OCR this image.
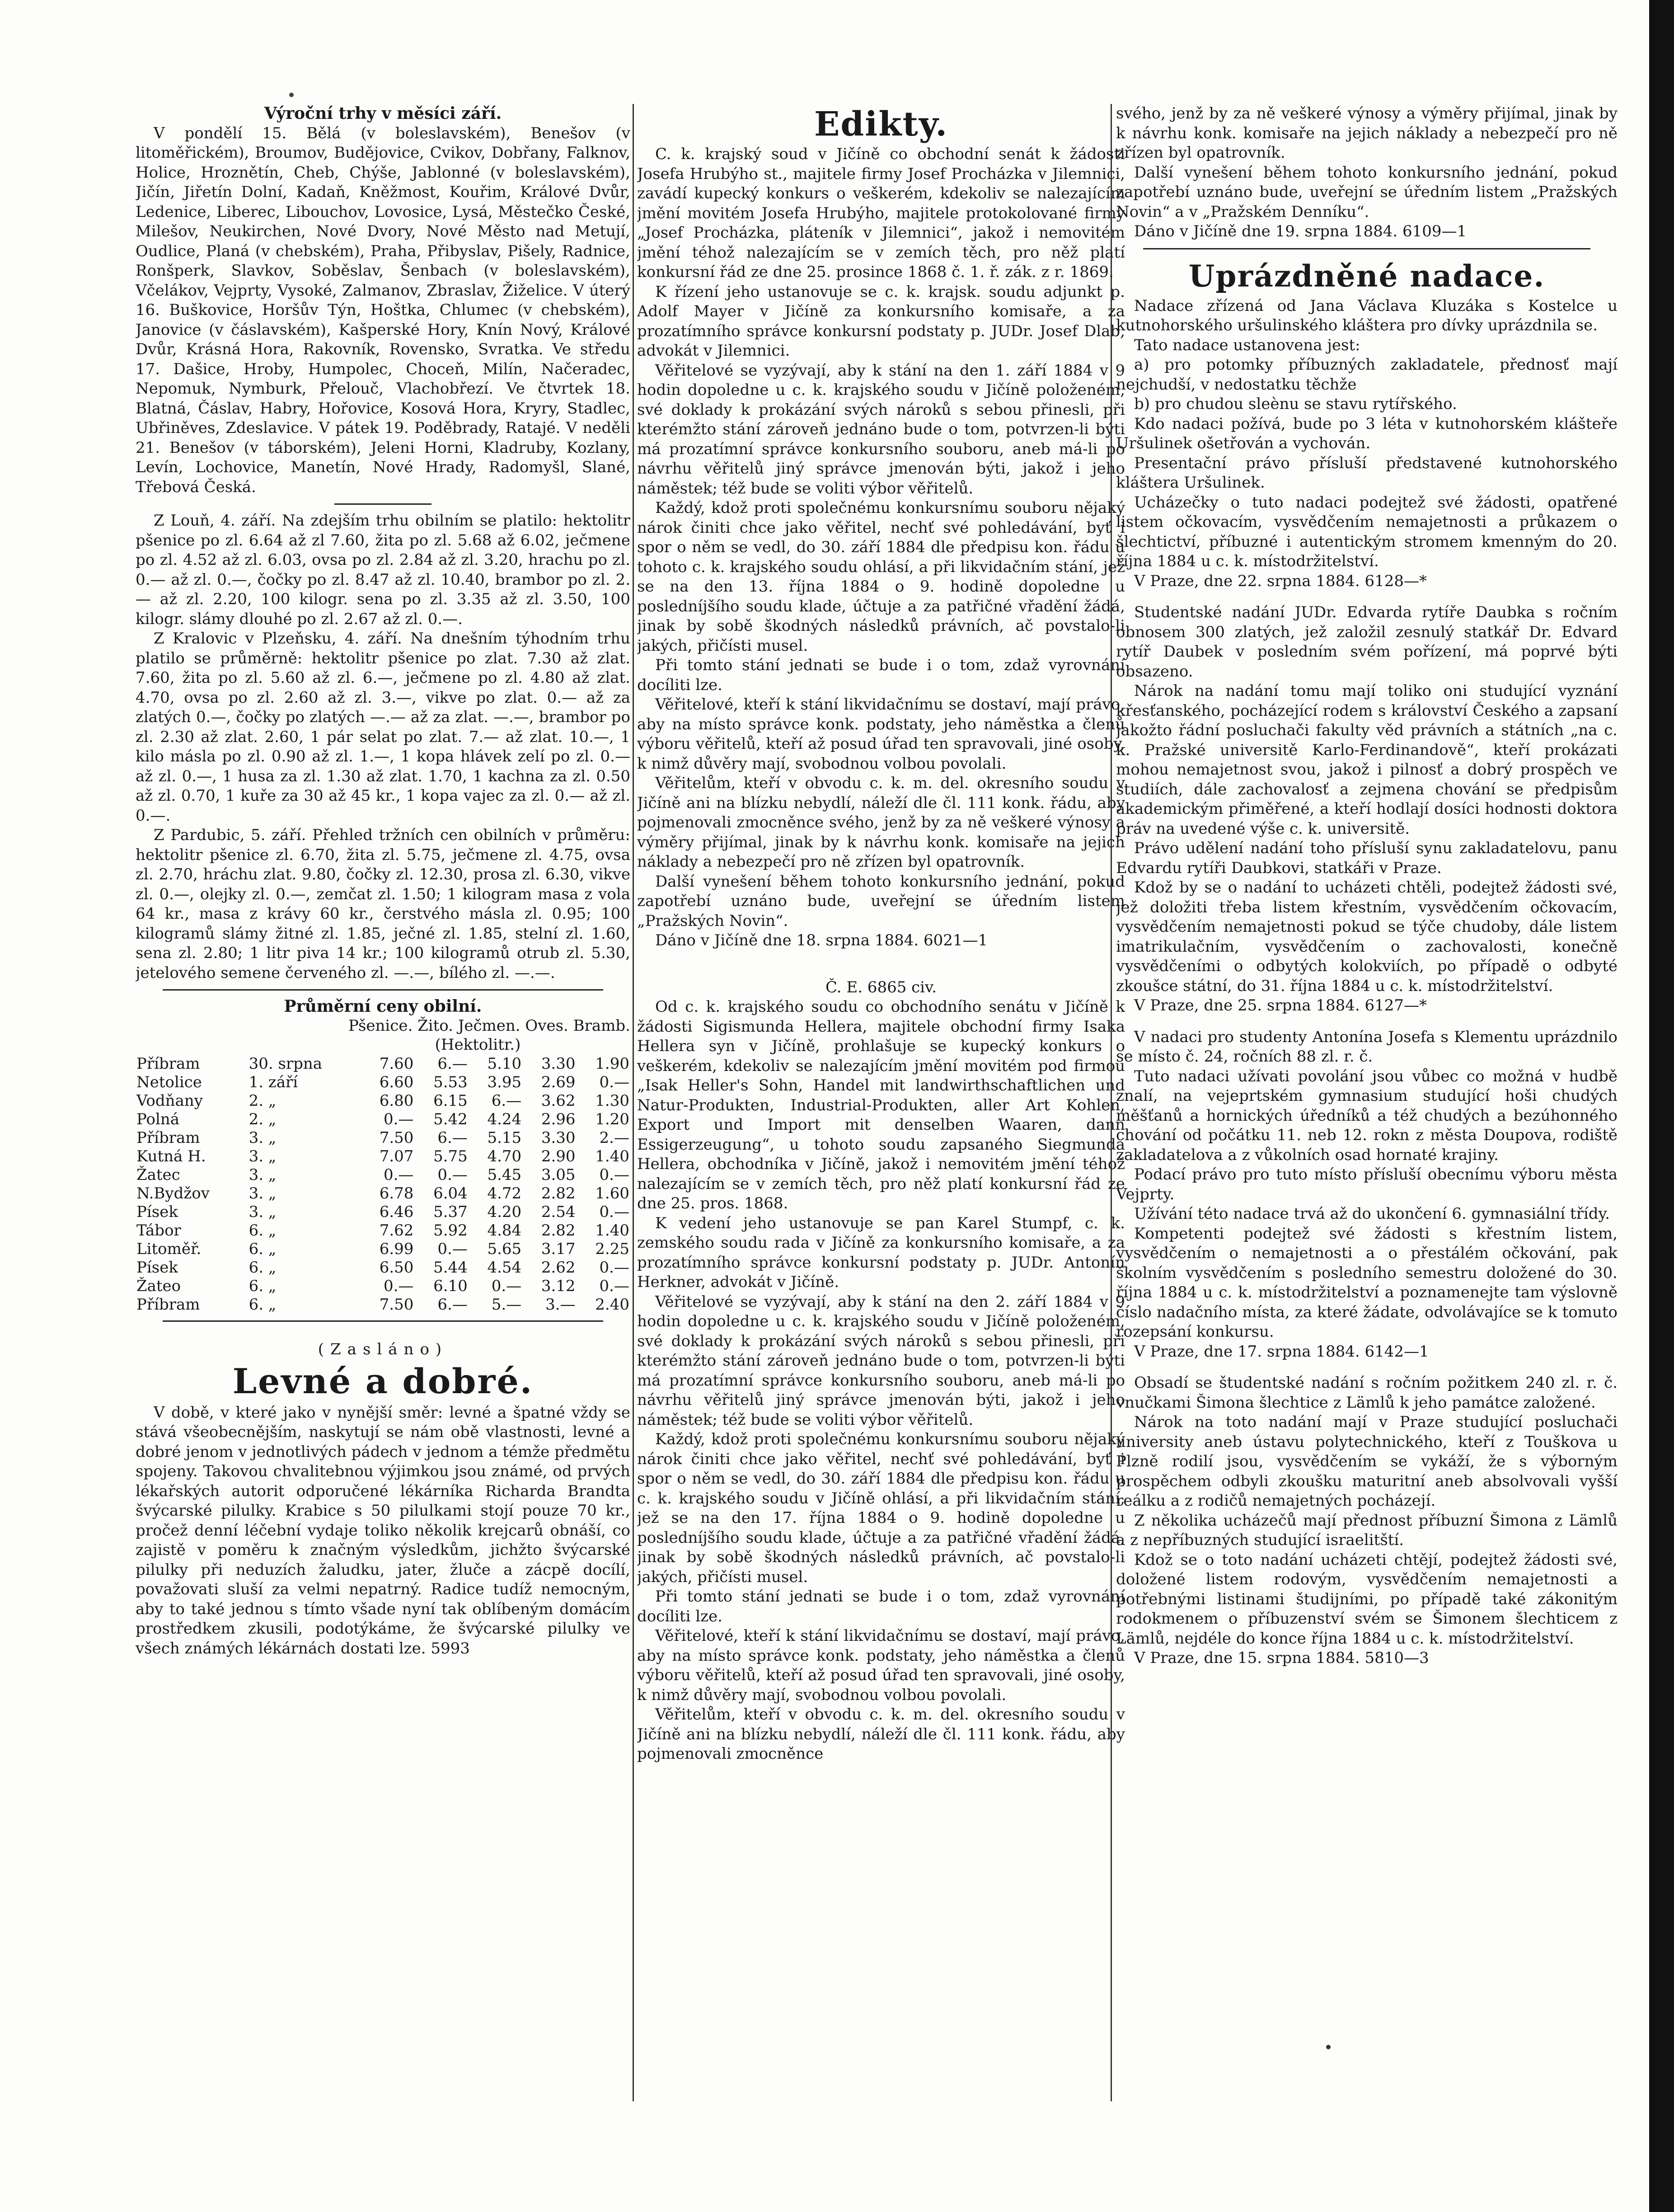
Výroční trhy v měsíci září.

V pondělí 15. Bělá (v boleslavském), Benešov (v litoměřickém), Broumov, Budějovice, Cvikov, Dobřany, Falknov, Holice, Hroznětín, Cheb, Chýše, Jablonné (v boleslavském), Jičín, Jiřetín Dolní, Kadaň, Kněžmost, Kouřim, Králové Dvůr, Ledenice, Liberec, Libouchov, Lovosice, Lysá, Městečko České, Milešov, Neukirchen, Nové Dvory, Nové Město nad Metují, Oudlice, Planá (v chebském), Praha, Přibyslav, Pišely, Radnice, Ronšperk, Slavkov, Soběslav, Šenbach (v boleslavském), Včelákov, Vejprty, Vysoké, Zalmanov, Zbraslav, Žiželice. V úterý 16. Buškovice, Horšův Týn, Hoštka, Chlumec (v chebském), Janovice (v čáslavském), Kašperské Hory, Knín Nový, Králové Dvůr, Krásná Hora, Rakovník, Rovensko, Svratka. Ve středu 17. Dašice, Hroby, Humpolec, Choceň, Milín, Načeradec, Nepomuk, Nymburk, Přelouč, Vlachobřezí. Ve čtvrtek 18. Blatná, Čáslav, Habry, Hořovice, Kosová Hora, Kryry, Stadlec, Ubřiněves, Zdeslavice. V pátek 19. Poděbrady, Ratajé. V neděli 21. Benešov (v táborském), Jeleni Horni, Kladruby, Kozlany, Levín, Lochovice, Manetín, Nové Hrady, Radomyšl, Slané, Třebová Česká.

Z Louň, 4. září. Na zdejším trhu obilním se platilo: hektolitr pšenice po zl. 6.64 až zl 7.60, žita po zl. 5.68 až 6.02, ječmene po zl. 4.52 až zl. 6.03, ovsa po zl. 2.84 až zl. 3.20, hrachu po zl. 0.— až zl. 0.—, čočky po zl. 8.47 až zl. 10.40, brambor po zl. 2.— až zl. 2.20, 100 kilogr. sena po zl. 3.35 až zl. 3.50, 100 kilogr. slámy dlouhé po zl. 2.67 až zl. 0.—.

Z Kralovic v Plzeňsku, 4. září. Na dnešním týhodním trhu platilo se průměrně: hektolitr pšenice po zlat. 7.30 až zlat. 7.60, žita po zl. 5.60 až zl. 6.—, ječmene po zl. 4.80 až zlat. 4.70, ovsa po zl. 2.60 až zl. 3.—, vikve po zlat. 0.— až za zlatých 0.—, čočky po zlatých —.— až za zlat. —.—, brambor po zl. 2.30 až zlat. 2.60, 1 pár selat po zlat. 7.— až zlat. 10.—, 1 kilo másla po zl. 0.90 až zl. 1.—, 1 kopa hlávek zelí po zl. 0.— až zl. 0.—, 1 husa za zl. 1.30 až zlat. 1.70, 1 kachna za zl. 0.50 až zl. 0.70, 1 kuře za 30 až 45 kr., 1 kopa vajec za zl. 0.— až zl. 0.—.

Z Pardubic, 5. září. Přehled tržních cen obilních v průměru: hektolitr pšenice zl. 6.70, žita zl. 5.75, ječmene zl. 4.75, ovsa zl. 2.70, hráchu zlat. 9.80, čočky zl. 12.30, prosa zl. 6.30, vikve zl. 0.—, olejky zl. 0.—, zemčat zl. 1.50; 1 kilogram masa z vola 64 kr., masa z krávy 60 kr., čerstvého másla zl. 0.95; 100 kilogramů slámy žitné zl. 1.85, ječné zl. 1.85, stelní zl. 1.60, sena zl. 2.80; 1 litr piva 14 kr.; 100 kilogramů otrub zl. 5.30, jetelového semene červeného zl. —.—, bílého zl. —.—.

Průměrní ceny obilní.

Pšenice. Žito. Ječmen. Oves. Bramb.

(Hektolitr.)

Příbram	30. srpna	7.60	6.—	5.10	3.30	1.90
Netolice	1. září	6.60	5.53	3.95	2.69	0.—
Vodňany	2. „	6.80	6.15	6.—	3.62	1.30
Polná	2. „	0.—	5.42	4.24	2.96	1.20
Příbram	3. „	7.50	6.—	5.15	3.30	2.—
Kutná H.	3. „	7.07	5.75	4.70	2.90	1.40
Žatec	3. „	0.—	0.—	5.45	3.05	0.—
N.Bydžov	3. „	6.78	6.04	4.72	2.82	1.60
Písek	3. „	6.46	5.37	4.20	2.54	0.—
Tábor	6. „	7.62	5.92	4.84	2.82	1.40
Litoměř.	6. „	6.99	0.—	5.65	3.17	2.25
Písek	6. „	6.50	5.44	4.54	2.62	0.—
Žateo	6. „	0.—	6.10	0.—	3.12	0.—
Příbram	6. „	7.50	6.—	5.—	3.—	2.40

(Zasláno)

Levné a dobré.

V době, v které jako v nynější směr: levné a špatné vždy se stává všeobecnějším, naskytují se nám obě vlastnosti, levné a dobré jenom v jednotlivých pádech v jednom a témže předmětu spojeny. Takovou chvalitebnou výjimkou jsou známé, od prvých lékařských autorit odporučené lékárníka Richarda Brandta švýcarské pilulky. Krabice s 50 pilulkami stojí pouze 70 kr., pročež denní léčební vydaje toliko několik krejcarů obnáší, co zajistě v poměru k značným výsledkům, jichžto švýcarské pilulky při neduzích žaludku, jater, žluče a zácpě docílí, považovati sluší za velmi nepatrný. Radice tudíž nemocným, aby to také jednou s tímto všade nyní tak oblíbeným domácím prostředkem zkusili, podotýkáme, že švýcarské pilulky ve všech známých lékárnách dostati lze. 5993

Edikty.

C. k. krajský soud v Jičíně co obchodní senát k žádosti Josefa Hrubýho st., majitele firmy Josef Procházka v Jilemnici, zavádí kupecký konkurs o veškerém, kdekoliv se nalezajícím jmění movitém Josefa Hrubýho, majitele protokolované firmy „Josef Procházka, pláteník v Jilemnici“, jakož i nemovitém jmění téhož nalezajícím se v zemích těch, pro něž platí konkursní řád ze dne 25. prosince 1868 č. 1. ř. zák. z r. 1869.

K řízení jeho ustanovuje se c. k. krajsk. soudu adjunkt p. Adolf Mayer v Jičíně za konkursního komisaře, a za prozatímního správce konkursní podstaty p. JUDr. Josef Dlab, advokát v Jilemnici.

Věřitelové se vyzývají, aby k stání na den 1. září 1884 v 9 hodin dopoledne u c. k. krajského soudu v Jičíně položeném, své doklady k prokázání svých nároků s sebou přinesli, při kterémžto stání zároveň jednáno bude o tom, potvrzen-li býti má prozatímní správce konkursního souboru, aneb má-li po návrhu věřitelů jiný správce jmenován býti, jakož i jeho náměstek; též bude se voliti výbor věřitelů.

Každý, kdož proti společnému konkursnímu souboru nějaký nárok činiti chce jako věřitel, nechť své pohledávání, byť i spor o něm se vedl, do 30. září 1884 dle předpisu kon. řádu u tohoto c. k. krajského soudu ohlásí, a při likvidačním stání, jež se na den 13. října 1884 o 9. hodině dopoledne u posledníjšího soudu klade, účtuje a za patřičné vřadění žádá, jinak by sobě škodných následků právních, ač povstalo-li jakých, přičísti musel.

Při tomto stání jednati se bude i o tom, zdaž vyrovnání docíliti lze.

Věřitelové, kteří k stání likvidačnímu se dostaví, mají právo, aby na místo správce konk. podstaty, jeho náměstka a členů výboru věřitelů, kteří až posud úřad ten spravovali, jiné osoby, k nimž důvěry mají, svobodnou volbou povolali.

Věřitelům, kteří v obvodu c. k. m. del. okresního soudu v Jičíně ani na blízku nebydlí, náleží dle čl. 111 konk. řádu, aby pojmenovali zmocněnce svého, jenž by za ně veškeré výnosy a výměry přijímal, jinak by k návrhu konk. komisaře na jejich náklady a nebezpečí pro ně zřízen byl opatrovník.

Další vynešení během tohoto konkursního jednání, pokud zapotřebí uznáno bude, uveřejní se úředním listem „Pražských Novin“.

Dáno v Jičíně dne 18. srpna 1884. 6021—1

Č. E. 6865 civ.

Od c. k. krajského soudu co obchodního senátu v Jičíně k žádosti Sigismunda Hellera, majitele obchodní firmy Isaka Hellera syn v Jičíně, prohlašuje se kupecký konkurs o veškerém, kdekoliv se nalezajícím jmění movitém pod firmou „Isak Heller's Sohn, Handel mit landwirthschaftlichen und Natur-Produkten, Industrial-Produkten, aller Art Kohlen, Export und Import mit denselben Waaren, dann Essigerzeugung“, u tohoto soudu zapsaného Siegmunda Hellera, obchodníka v Jičíně, jakož i nemovitém jmění téhož nalezajícím se v zemích těch, pro něž platí konkursní řád ze dne 25. pros. 1868.

K vedení jeho ustanovuje se pan Karel Stumpf, c. k. zemského soudu rada v Jičíně za konkursního komisaře, a za prozatímního správce konkursní podstaty p. JUDr. Antonín Herkner, advokát v Jičíně.

Věřitelové se vyzývají, aby k stání na den 2. září 1884 v 9 hodin dopoledne u c. k. krajského soudu v Jičíně položeném, své doklady k prokázání svých nároků s sebou přinesli, při kterémžto stání zároveň jednáno bude o tom, potvrzen-li býti má prozatímní správce konkursního souboru, aneb má-li po návrhu věřitelů jiný správce jmenován býti, jakož i jeho náměstek; též bude se voliti výbor věřitelů.

Každý, kdož proti společnému konkursnímu souboru nějaký nárok činiti chce jako věřitel, nechť své pohledávání, byť i spor o něm se vedl, do 30. září 1884 dle předpisu kon. řádu u c. k. krajského soudu v Jičíně ohlásí, a při likvidačním stání, jež se na den 17. října 1884 o 9. hodině dopoledne u posledníjšího soudu klade, účtuje a za patřičné vřadění žádá, jinak by sobě škodných následků právních, ač povstalo-li jakých, přičísti musel.

Při tomto stání jednati se bude i o tom, zdaž vyrovnání docíliti lze.

Věřitelové, kteří k stání likvidačnímu se dostaví, mají právo, aby na místo správce konk. podstaty, jeho náměstka a členů výboru věřitelů, kteří až posud úřad ten spravovali, jiné osoby, k nimž důvěry mají, svobodnou volbou povolali.

Věřitelům, kteří v obvodu c. k. m. del. okresního soudu v Jičíně ani na blízku nebydlí, náleží dle čl. 111 konk. řádu, aby pojmenovali zmocněnce

svého, jenž by za ně veškeré výnosy a výměry přijímal, jinak by k návrhu konk. komisaře na jejich náklady a nebezpečí pro ně zřízen byl opatrovník.

Další vynešení během tohoto konkursního jednání, pokud zapotřebí uznáno bude, uveřejní se úředním listem „Pražských Novin“ a v „Pražském Denníku“.

Dáno v Jičíně dne 19. srpna 1884. 6109—1

Uprázdněné nadace.

Nadace zřízená od Jana Václava Kluzáka s Kostelce u kutnohorského uršulinského kláštera pro dívky uprázdnila se.

Tato nadace ustanovena jest:

a) pro potomky příbuzných zakladatele, přednosť mají nejchudší, v nedostatku těchže

b) pro chudou sleènu se stavu rytířského.

Kdo nadaci požívá, bude po 3 léta v kutnohorském klášteře Uršulinek ošetřován a vychován.

Presentační právo přísluší představené kutnohorského kláštera Uršulinek.

Ucházečky o tuto nadaci podejtež své žádosti, opatřené listem očkovacím, vysvědčením nemajetnosti a průkazem o šlechtictví, příbuzné i autentickým stromem kmenným do 20. října 1884 u c. k. místodržitelství.

V Praze, dne 22. srpna 1884. 6128—*

Studentské nadání JUDr. Edvarda rytíře Daubka s ročním obnosem 300 zlatých, jež založil zesnulý statkář Dr. Edvard rytíř Daubek v posledním svém pořízení, má poprvé býti obsazeno.

Nárok na nadání tomu mají toliko oni studující vyznání křesťanského, pocházející rodem s království Českého a zapsaní jakožto řádní posluchači fakulty věd právních a státních „na c. k. Pražské universitě Karlo-Ferdinandově“, kteří prokázati mohou nemajetnost svou, jakož i pilnosť a dobrý prospěch ve studiích, dále zachovalosť a zejmena chování se předpisům akademickým přiměřené, a kteří hodlají dosíci hodnosti doktora práv na uvedené výše c. k. universitě.

Právo udělení nadání toho přísluší synu zakladatelovu, panu Edvardu rytíři Daubkovi, statkáři v Praze.

Kdož by se o nadání to ucházeti chtěli, podejtež žádosti své, jež doložiti třeba listem křestním, vysvědčením očkovacím, vysvědčením nemajetnosti pokud se týče chudoby, dále listem imatrikulačním, vysvědčením o zachovalosti, konečně vysvědčeními o odbytých kolokviích, po případě o odbyté zkoušce státní, do 31. října 1884 u c. k. místodržitelství.

V Praze, dne 25. srpna 1884. 6127—*

V nadaci pro studenty Antonína Josefa s Klementu uprázdnilo se místo č. 24, ročních 88 zl. r. č.

Tuto nadaci užívati povolání jsou vůbec co možná v hudbě znalí, na vejeprtském gymnasium studující hoši chudých měšťanů a hornických úředníků a též chudých a bezúhonného chování od počátku 11. neb 12. rokn z města Doupova, rodiště zakladatelova a z vůkolních osad hornaté krajiny.

Podací právo pro tuto místo přísluší obecnímu výboru města Vejprty.

Užívání této nadace trvá až do ukončení 6. gymnasiální třídy.

Kompetenti podejtež své žádosti s křestním listem, vysvědčením o nemajetnosti a o přestálém očkování, pak školním vysvědčením s posledního semestru doložené do 30. října 1884 u c. k. místodržitelství a poznamenejte tam výslovně číslo nadačního místa, za které žádate, odvolávajíce se k tomuto rozepsání konkursu.

V Praze, dne 17. srpna 1884. 6142—1

Obsadí se študentské nadání s ročním požitkem 240 zl. r. č. vnučkami Šimona šlechtice z Lämlů k jeho památce založené.

Nárok na toto nadání mají v Praze studující posluchači university aneb ústavu polytechnického, kteří z Touškova u Plzně rodilí jsou, vysvědčením se vykáží, že s výborným prospěchem odbyli zkoušku maturitní aneb absolvovali vyšší reálku a z rodičů nemajetných pocházejí.

Z několika ucházečů mají přednost příbuzní Šimona z Lämlů a z nepříbuzných studující israelitští.

Kdož se o toto nadání ucházeti chtějí, podejtež žádosti své, doložené listem rodovým, vysvědčením nemajetnosti a potřebnými listinami študijními, po případě také zákonitým rodokmenem o příbuzenství svém se Šimonem šlechticem z Lämlů, nejdéle do konce října 1884 u c. k. místodržitelství.

V Praze, dne 15. srpna 1884. 5810—3
